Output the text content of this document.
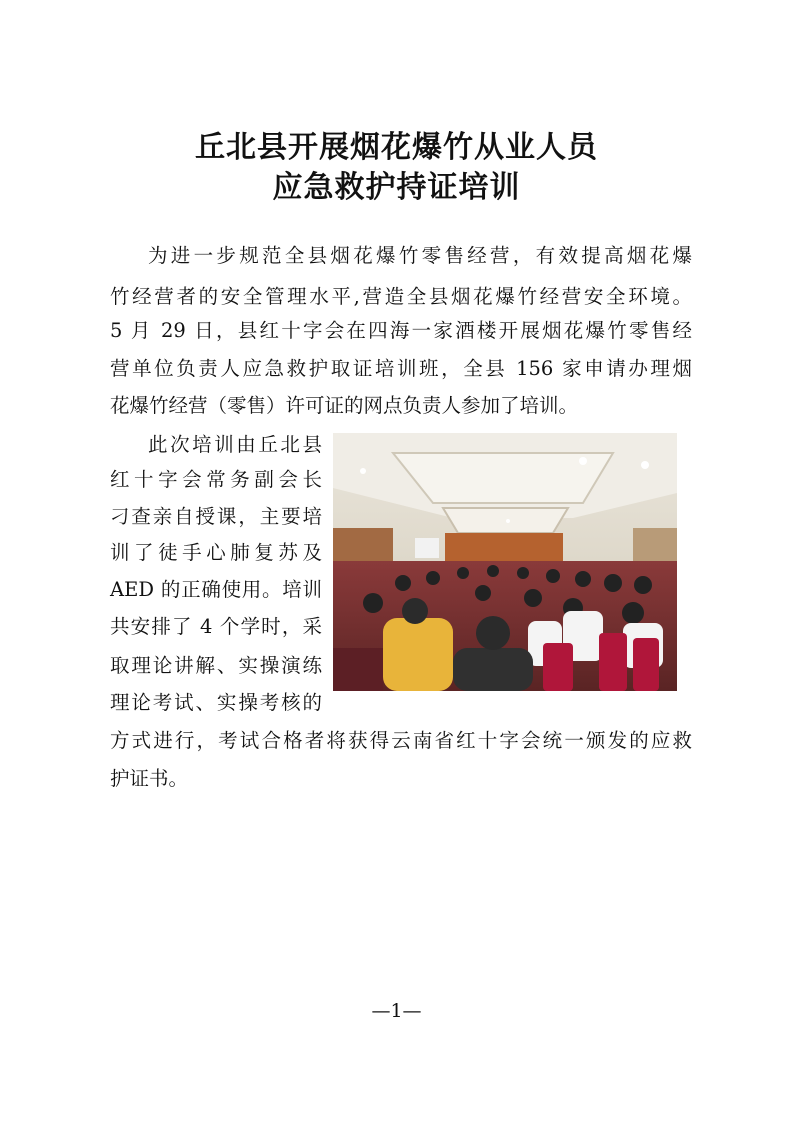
丘北县开展烟花爆竹从业人员
应急救护持证培训
为进一步规范全县烟花爆竹零售经营，有效提高烟花爆
竹经营者的安全管理水平,营造全县烟花爆竹经营安全环境。
5 月 29 日，县红十字会在四海一家酒楼开展烟花爆竹零售经
营单位负责人应急救护取证培训班，全县 156 家申请办理烟
花爆竹经营（零售）许可证的网点负责人参加了培训。
此次培训由丘北县
红十字会常务副会长
刁查亲自授课，主要培
训了徒手心肺复苏及
AED 的正确使用。培训
共安排了 4 个学时，采
取理论讲解、实操演练
理论考试、实操考核的
方式进行，考试合格者将获得云南省红十字会统一颁发的应救
护证书。
—1—
